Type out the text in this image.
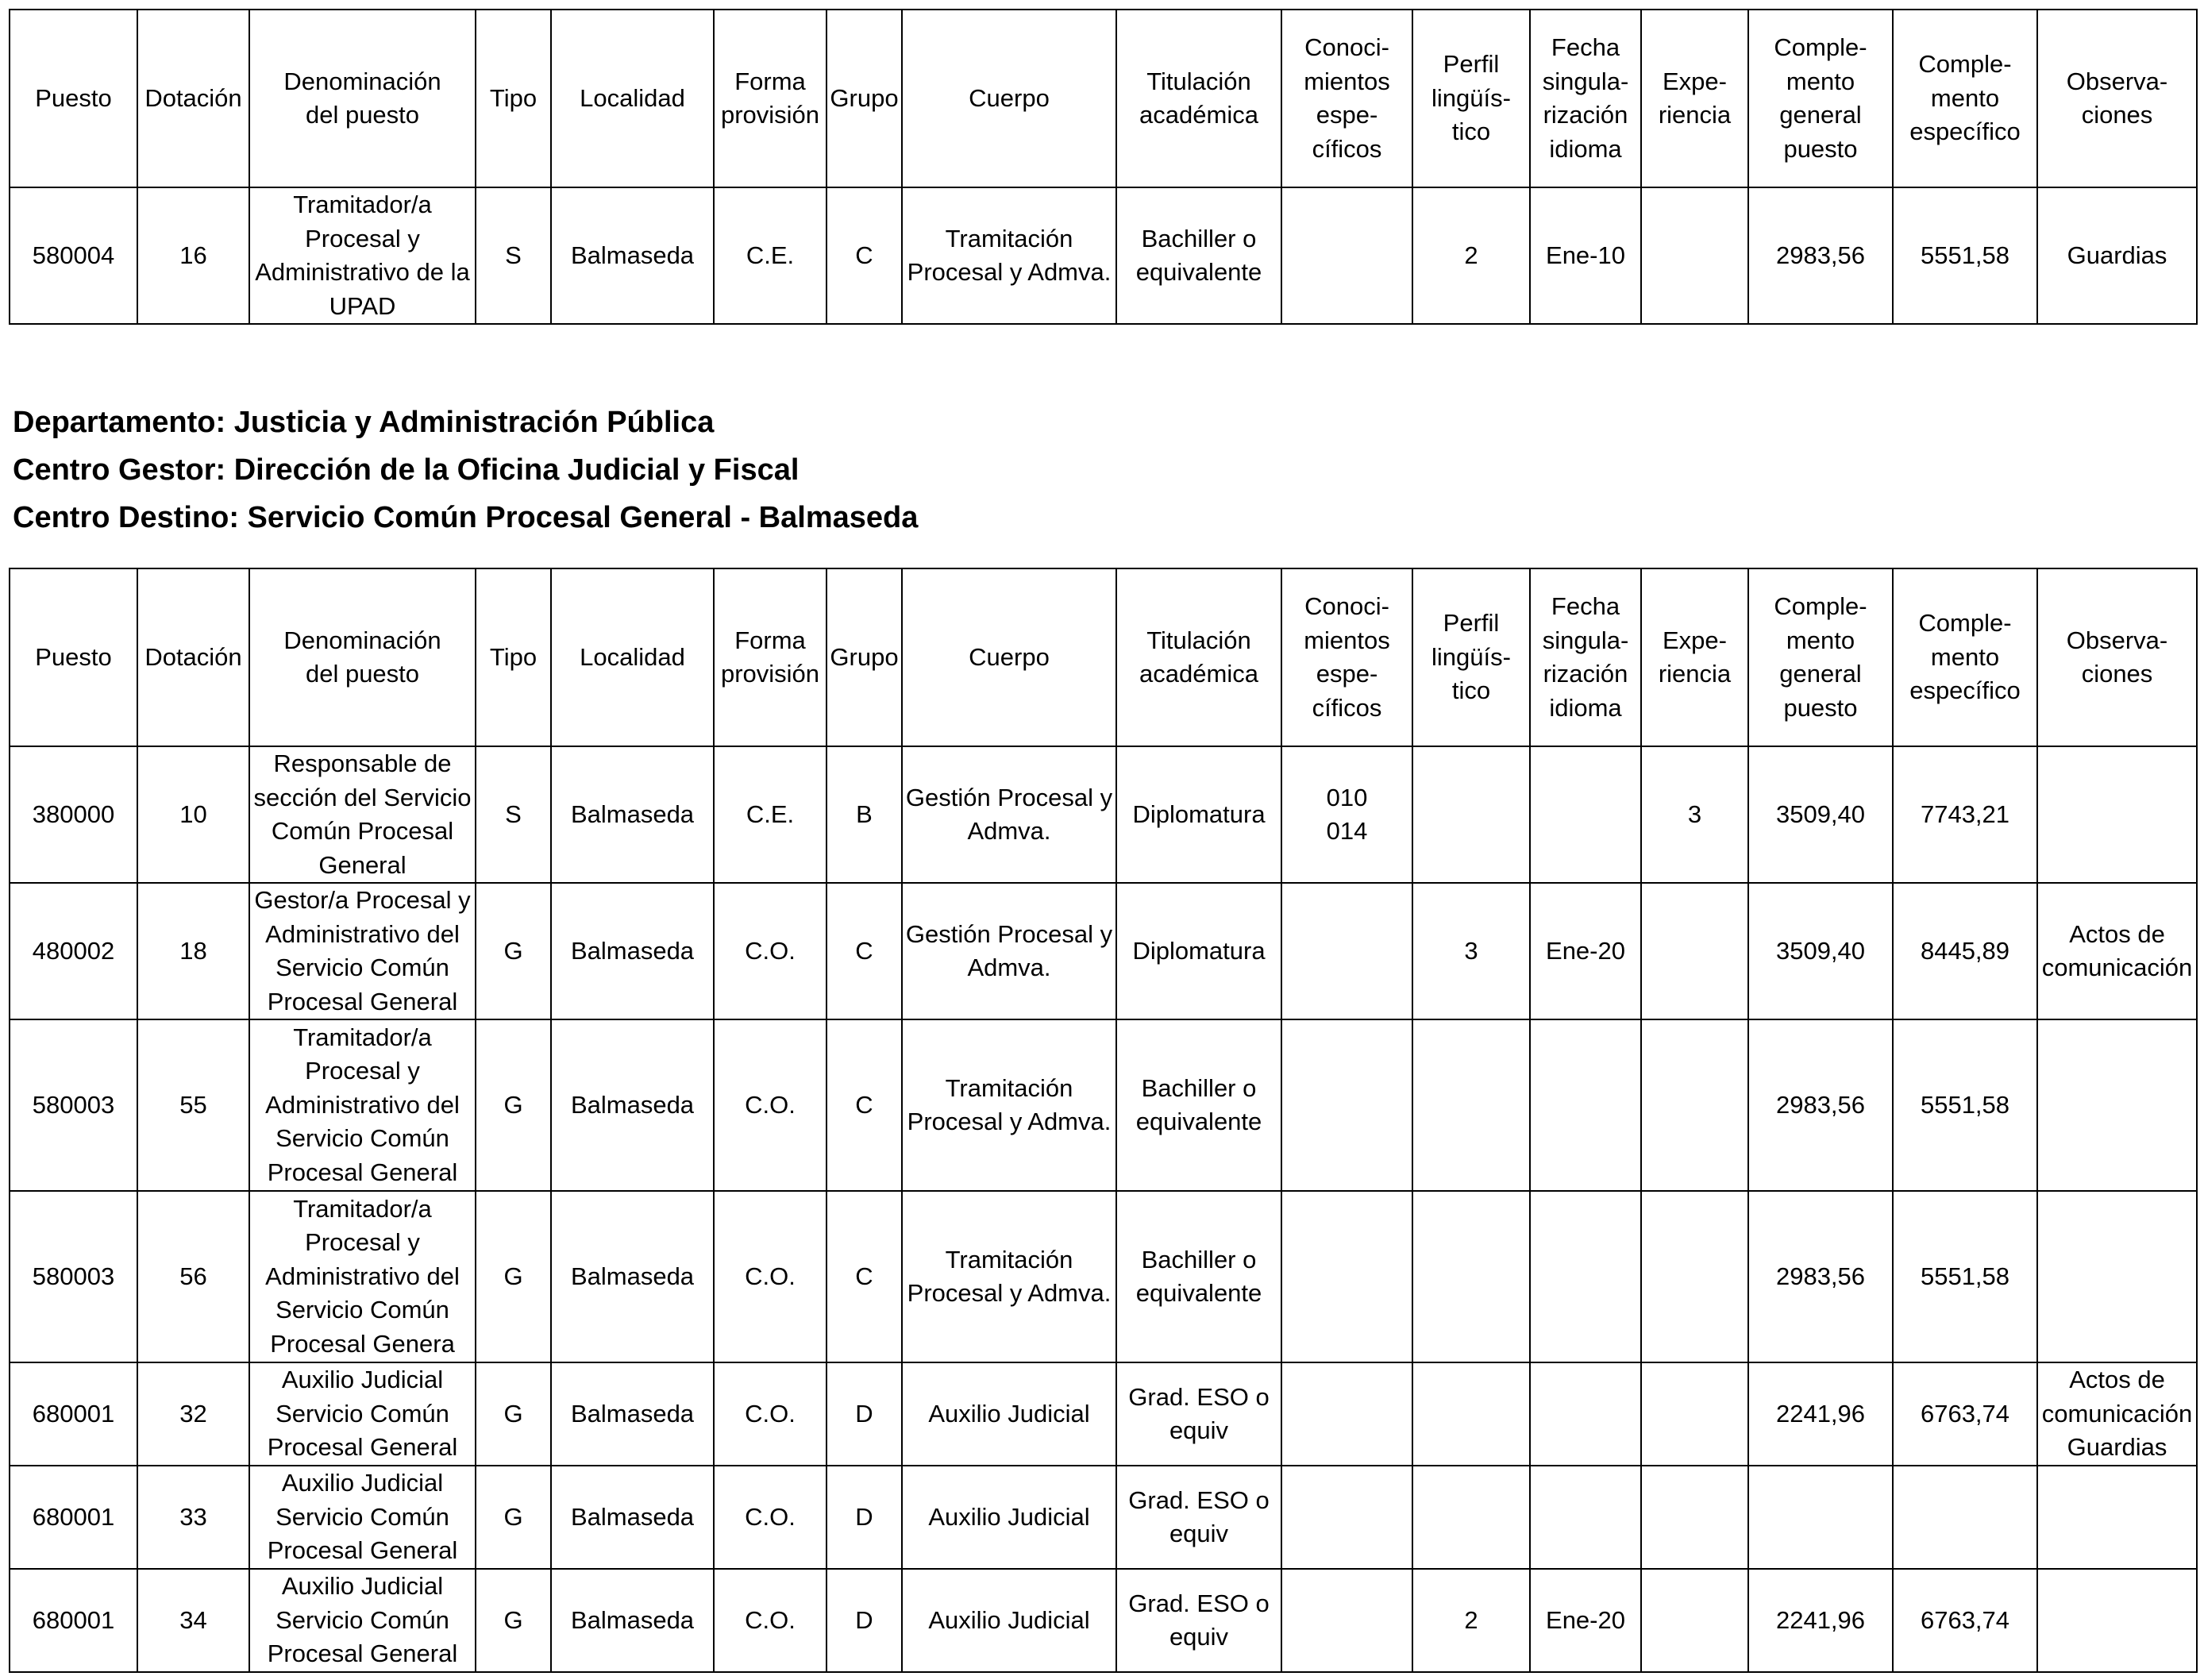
Puesto	Dotación	Denominación
del puesto	Tipo	Localidad	Forma
provisión	Grupo	Cuerpo	Titulación
académica	Conoci-
mientos
espe-
cíficos	Perfil
lingüís-
tico	Fecha
singula-
rización
idioma	Expe-
riencia	Comple-
mento
general
puesto	Comple-
mento
específico	Observa-
ciones
580004	16	Tramitador/a
Procesal y
Administrativo de la
UPAD	S	Balmaseda	C.E.	C	Tramitación
Procesal y Admva.	Bachiller o
equivalente		2	Ene-10		2983,56	5551,58	Guardias
Departamento: Justicia y Administración Pública
Centro Gestor: Dirección de la Oficina Judicial y Fiscal
Centro Destino: Servicio Común Procesal General - Balmaseda
Puesto	Dotación	Denominación
del puesto	Tipo	Localidad	Forma
provisión	Grupo	Cuerpo	Titulación
académica	Conoci-
mientos
espe-
cíficos	Perfil
lingüís-
tico	Fecha
singula-
rización
idioma	Expe-
riencia	Comple-
mento
general
puesto	Comple-
mento
específico	Observa-
ciones
380000	10	Responsable de
sección del Servicio
Común Procesal
General	S	Balmaseda	C.E.	B	Gestión Procesal y
Admva.	Diplomatura	010
014			3	3509,40	7743,21	
480002	18	Gestor/a Procesal y
Administrativo del
Servicio Común
Procesal General	G	Balmaseda	C.O.	C	Gestión Procesal y
Admva.	Diplomatura		3	Ene-20		3509,40	8445,89	Actos de
comunicación
580003	55	Tramitador/a
Procesal y
Administrativo del
Servicio Común
Procesal General	G	Balmaseda	C.O.	C	Tramitación
Procesal y Admva.	Bachiller o
equivalente					2983,56	5551,58	
580003	56	Tramitador/a
Procesal y
Administrativo del
Servicio Común
Procesal Genera	G	Balmaseda	C.O.	C	Tramitación
Procesal y Admva.	Bachiller o
equivalente					2983,56	5551,58	
680001	32	Auxilio Judicial
Servicio Común
Procesal General	G	Balmaseda	C.O.	D	Auxilio Judicial	Grad. ESO o
equiv					2241,96	6763,74	Actos de
comunicación
Guardias
680001	33	Auxilio Judicial
Servicio Común
Procesal General	G	Balmaseda	C.O.	D	Auxilio Judicial	Grad. ESO o
equiv							
680001	34	Auxilio Judicial
Servicio Común
Procesal General	G	Balmaseda	C.O.	D	Auxilio Judicial	Grad. ESO o
equiv		2	Ene-20		2241,96	6763,74	
